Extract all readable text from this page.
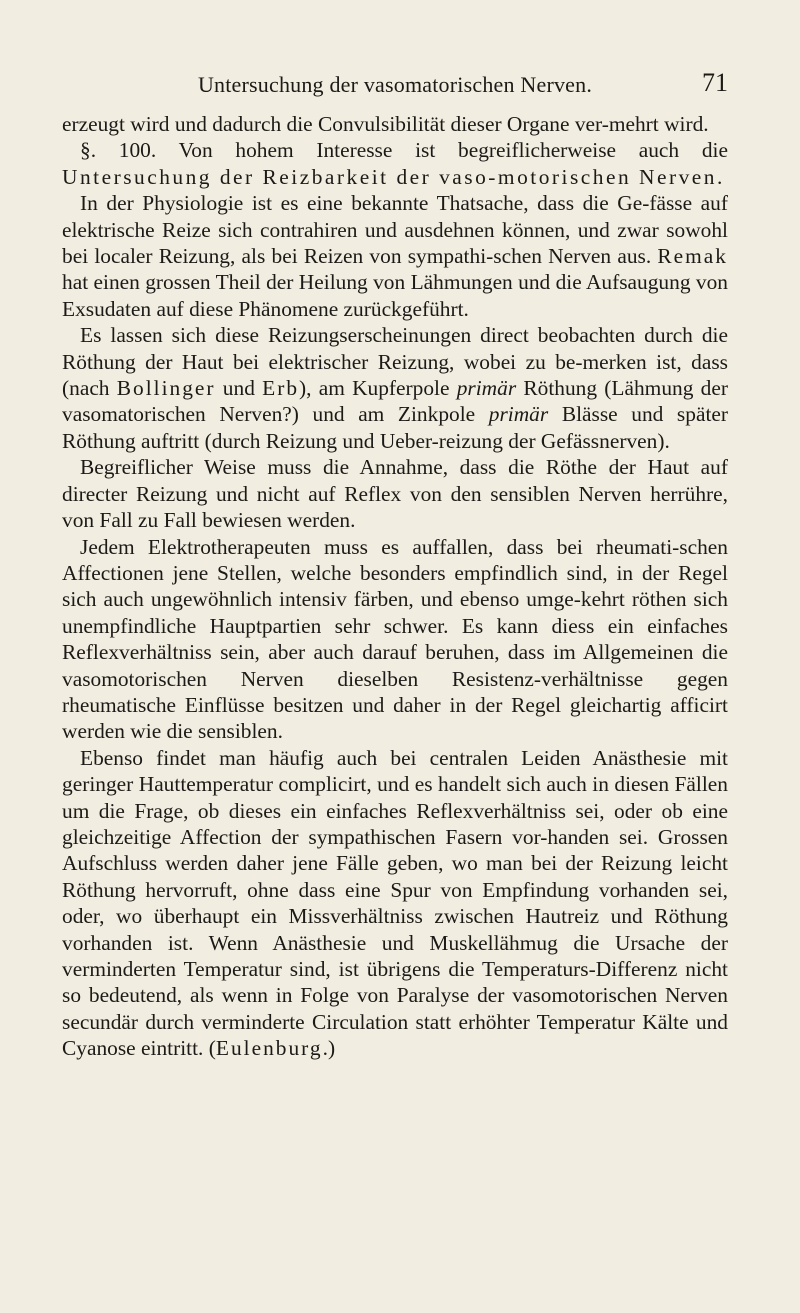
Untersuchung der vasomatorischen Nerven.	71

erzeugt wird und dadurch die Convulsibilität dieser Organe ver-mehrt wird.

§. 100. Von hohem Interesse ist begreiflicherweise auch die Untersuchung der Reizbarkeit der vaso-motorischen Nerven.

In der Physiologie ist es eine bekannte Thatsache, dass die Ge-fässe auf elektrische Reize sich contrahiren und ausdehnen können, und zwar sowohl bei localer Reizung, als bei Reizen von sympathi-schen Nerven aus. Remak hat einen grossen Theil der Heilung von Lähmungen und die Aufsaugung von Exsudaten auf diese Phänomene zurückgeführt.

Es lassen sich diese Reizungserscheinungen direct beobachten durch die Röthung der Haut bei elektrischer Reizung, wobei zu be-merken ist, dass (nach Bollinger und Erb), am Kupferpole primär Röthung (Lähmung der vasomatorischen Nerven?) und am Zinkpole primär Blässe und später Röthung auftritt (durch Reizung und Ueber-reizung der Gefässnerven).

Begreiflicher Weise muss die Annahme, dass die Röthe der Haut auf directer Reizung und nicht auf Reflex von den sensiblen Nerven herrühre, von Fall zu Fall bewiesen werden.

Jedem Elektrotherapeuten muss es auffallen, dass bei rheumati-schen Affectionen jene Stellen, welche besonders empfindlich sind, in der Regel sich auch ungewöhnlich intensiv färben, und ebenso umge-kehrt röthen sich unempfindliche Hauptpartien sehr schwer. Es kann diess ein einfaches Reflexverhältniss sein, aber auch darauf beruhen, dass im Allgemeinen die vasomotorischen Nerven dieselben Resistenz-verhältnisse gegen rheumatische Einflüsse besitzen und daher in der Regel gleichartig afficirt werden wie die sensiblen.

Ebenso findet man häufig auch bei centralen Leiden Anästhesie mit geringer Hauttemperatur complicirt, und es handelt sich auch in diesen Fällen um die Frage, ob dieses ein einfaches Reflexverhältniss sei, oder ob eine gleichzeitige Affection der sympathischen Fasern vor-handen sei. Grossen Aufschluss werden daher jene Fälle geben, wo man bei der Reizung leicht Röthung hervorruft, ohne dass eine Spur von Empfindung vorhanden sei, oder, wo überhaupt ein Missverhältniss zwischen Hautreiz und Röthung vorhanden ist. Wenn Anästhesie und Muskellähmug die Ursache der verminderten Temperatur sind, ist übrigens die Temperaturs-Differenz nicht so bedeutend, als wenn in Folge von Paralyse der vasomotorischen Nerven secundär durch verminderte Circulation statt erhöhter Temperatur Kälte und Cyanose eintritt. (Eulenburg.)
